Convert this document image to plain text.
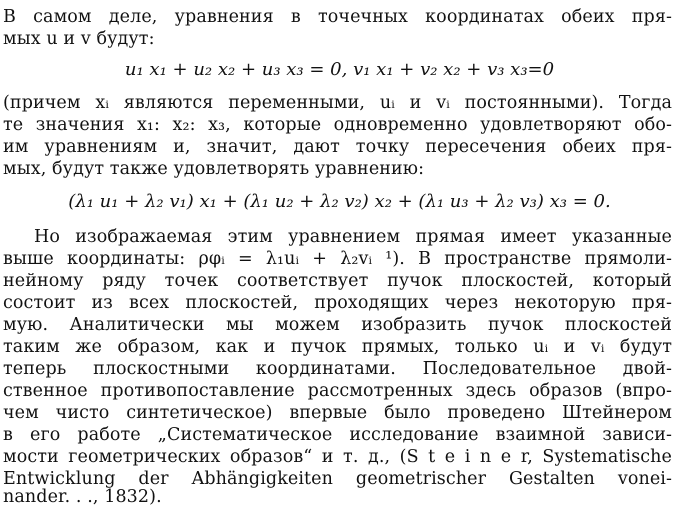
В самом деле, уравнения в точечных координатах обеих пря-
мых u и v будут:
u₁ x₁ + u₂ x₂ + u₃ x₃ = 0, v₁ x₁ + v₂ x₂ + v₃ x₃=0
(причем xᵢ являются переменными, uᵢ и vᵢ постоянными). Тогда
те значения x₁: x₂: x₃, которые одновременно удовлетворяют обо-
им уравнениям и, значит, дают точку пересечения обеих пря-
мых, будут также удовлетворять уравнению:
(λ₁ u₁ + λ₂ v₁) x₁ + (λ₁ u₂ + λ₂ v₂) x₂ + (λ₁ u₃ + λ₂ v₃) x₃ = 0.
Но изображаемая этим уравнением прямая имеет указанные
выше координаты: ρφᵢ = λ₁uᵢ + λ₂vᵢ ¹). В пространстве прямоли-
нейному ряду точек соответствует пучок плоскостей, который
состоит из всех плоскостей, проходящих через некоторую пря-
мую. Аналитически мы можем изобразить пучок плоскостей
таким же образом, как и пучок прямых, только uᵢ и vᵢ будут
теперь плоскостными координатами. Последовательное двой-
ственное противопоставление рассмотренных здесь образов (впро-
чем чисто синтетическое) впервые было проведено Штейнером
в его работе „Систематическое исследование взаимной зависи-
мости геометрических образов“ и т. д., (S t e i n e r, Systematische
Entwicklung der Abhängigkeiten geometrischer Gestalten vonei-
nander. . ., 1832).
